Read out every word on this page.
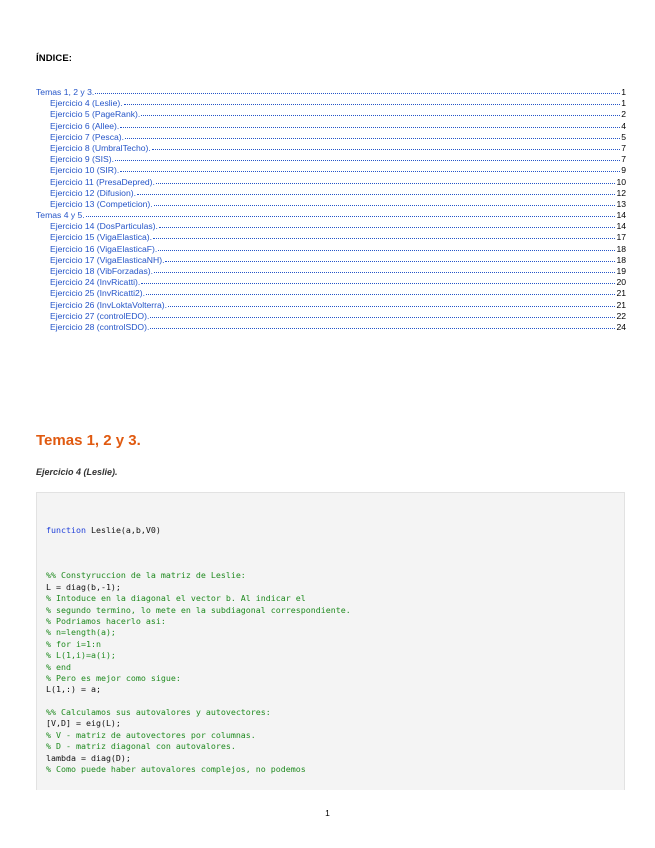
ÍNDICE:
Temas 1, 2 y 3.	1
Ejercicio 4 (Leslie).	1
Ejercicio 5 (PageRank).	2
Ejercicio 6 (Allee).	4
Ejercicio 7 (Pesca).	5
Ejercicio 8 (UmbralTecho).	7
Ejercicio 9 (SIS).	7
Ejercicio 10 (SIR).	9
Ejercicio 11 (PresaDepred).	10
Ejercicio 12 (Difusion).	12
Ejercicio 13 (Competicion).	13
Temas 4 y 5.	14
Ejercicio 14 (DosParticulas).	14
Ejercicio 15 (VigaElastica).	17
Ejercicio 16 (VigaElasticaF).	18
Ejercicio 17 (VigaElasticaNH).	18
Ejercicio 18 (VibForzadas).	19
Ejercicio 24 (InvRicatti).	20
Ejercicio 25 (InvRicatti2).	21
Ejercicio 26 (InvLoktaVolterra).	21
Ejercicio 27 (controlEDO).	22
Ejercicio 28 (controlSDO).	24
Temas 1, 2 y 3.
Ejercicio 4 (Leslie).

function Leslie(a,b,V0)

%% Constyruccion de la matriz de Leslie:
L = diag(b,-1);
% Intoduce en la diagonal el vector b. Al indicar el
% segundo termino, lo mete en la subdiagonal correspondiente.
% Podriamos hacerlo asi:
% n=length(a);
% for i=1:n
% L(1,i)=a(i);
% end
% Pero es mejor como sigue:
L(1,:) = a;
%% Calculamos sus autovalores y autovectores:
[V,D] = eig(L);
% V - matriz de autovectores por columnas.
% D - matriz diagonal con autovalores.
lambda = diag(D);
% Como puede haber autovalores complejos, no podemos
1
